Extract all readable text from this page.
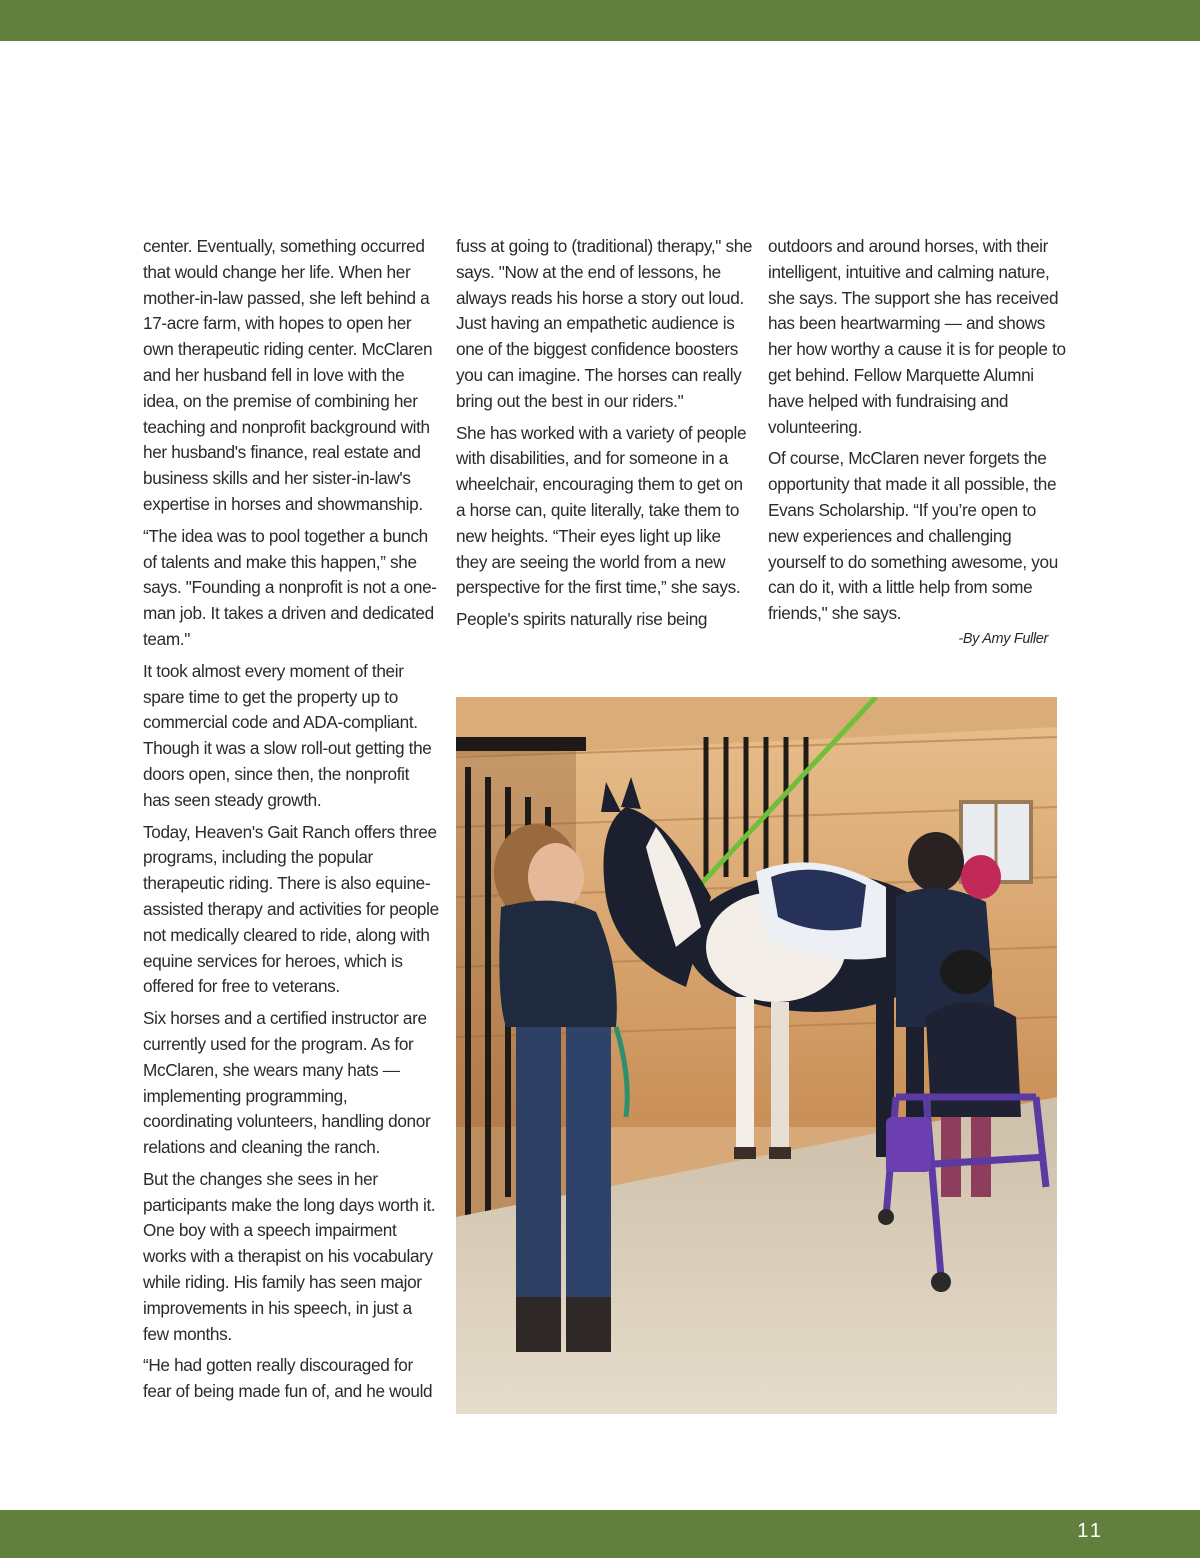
center. Eventually, something occurred that would change her life. When her mother-in-law passed, she left behind a 17-acre farm, with hopes to open her own therapeutic riding center. McClaren and her husband fell in love with the idea, on the premise of combining her teaching and nonprofit background with her husband's finance, real estate and business skills and her sister-in-law's expertise in horses and showmanship.

“The idea was to pool together a bunch of talents and make this happen,” she says. "Founding a nonprofit is not a one-man job. It takes a driven and dedicated team."

It took almost every moment of their spare time to get the property up to commercial code and ADA-compliant. Though it was a slow roll-out getting the doors open, since then, the nonprofit has seen steady growth.

Today, Heaven's Gait Ranch offers three programs, including the popular therapeutic riding. There is also equine-assisted therapy and activities for people not medically cleared to ride, along with equine services for heroes, which is offered for free to veterans.

Six horses and a certified instructor are currently used for the program. As for McClaren, she wears many hats — implementing programming, coordinating volunteers, handling donor relations and cleaning the ranch.

But the changes she sees in her participants make the long days worth it. One boy with a speech impairment works with a therapist on his vocabulary while riding. His family has seen major improvements in his speech, in just a few months.

“He had gotten really discouraged for fear of being made fun of, and he would

fuss at going to (traditional) therapy," she says. "Now at the end of lessons, he always reads his horse a story out loud. Just having an empathetic audience is one of the biggest confidence boosters you can imagine. The horses can really bring out the best in our riders."

She has worked with a variety of people with disabilities, and for someone in a wheelchair, encouraging them to get on a horse can, quite literally, take them to new heights. “Their eyes light up like they are seeing the world from a new perspective for the first time,” she says.

People's spirits naturally rise being

outdoors and around horses, with their intelligent, intuitive and calming nature, she says. The support she has received has been heartwarming — and shows her how worthy a cause it is for people to get behind. Fellow Marquette Alumni have helped with fundraising and volunteering.

Of course, McClaren never forgets the opportunity that made it all possible, the Evans Scholarship. “If you’re open to new experiences and challenging yourself to do something awesome, you can do it, with a little help from some friends," she says.

-By Amy Fuller
11
